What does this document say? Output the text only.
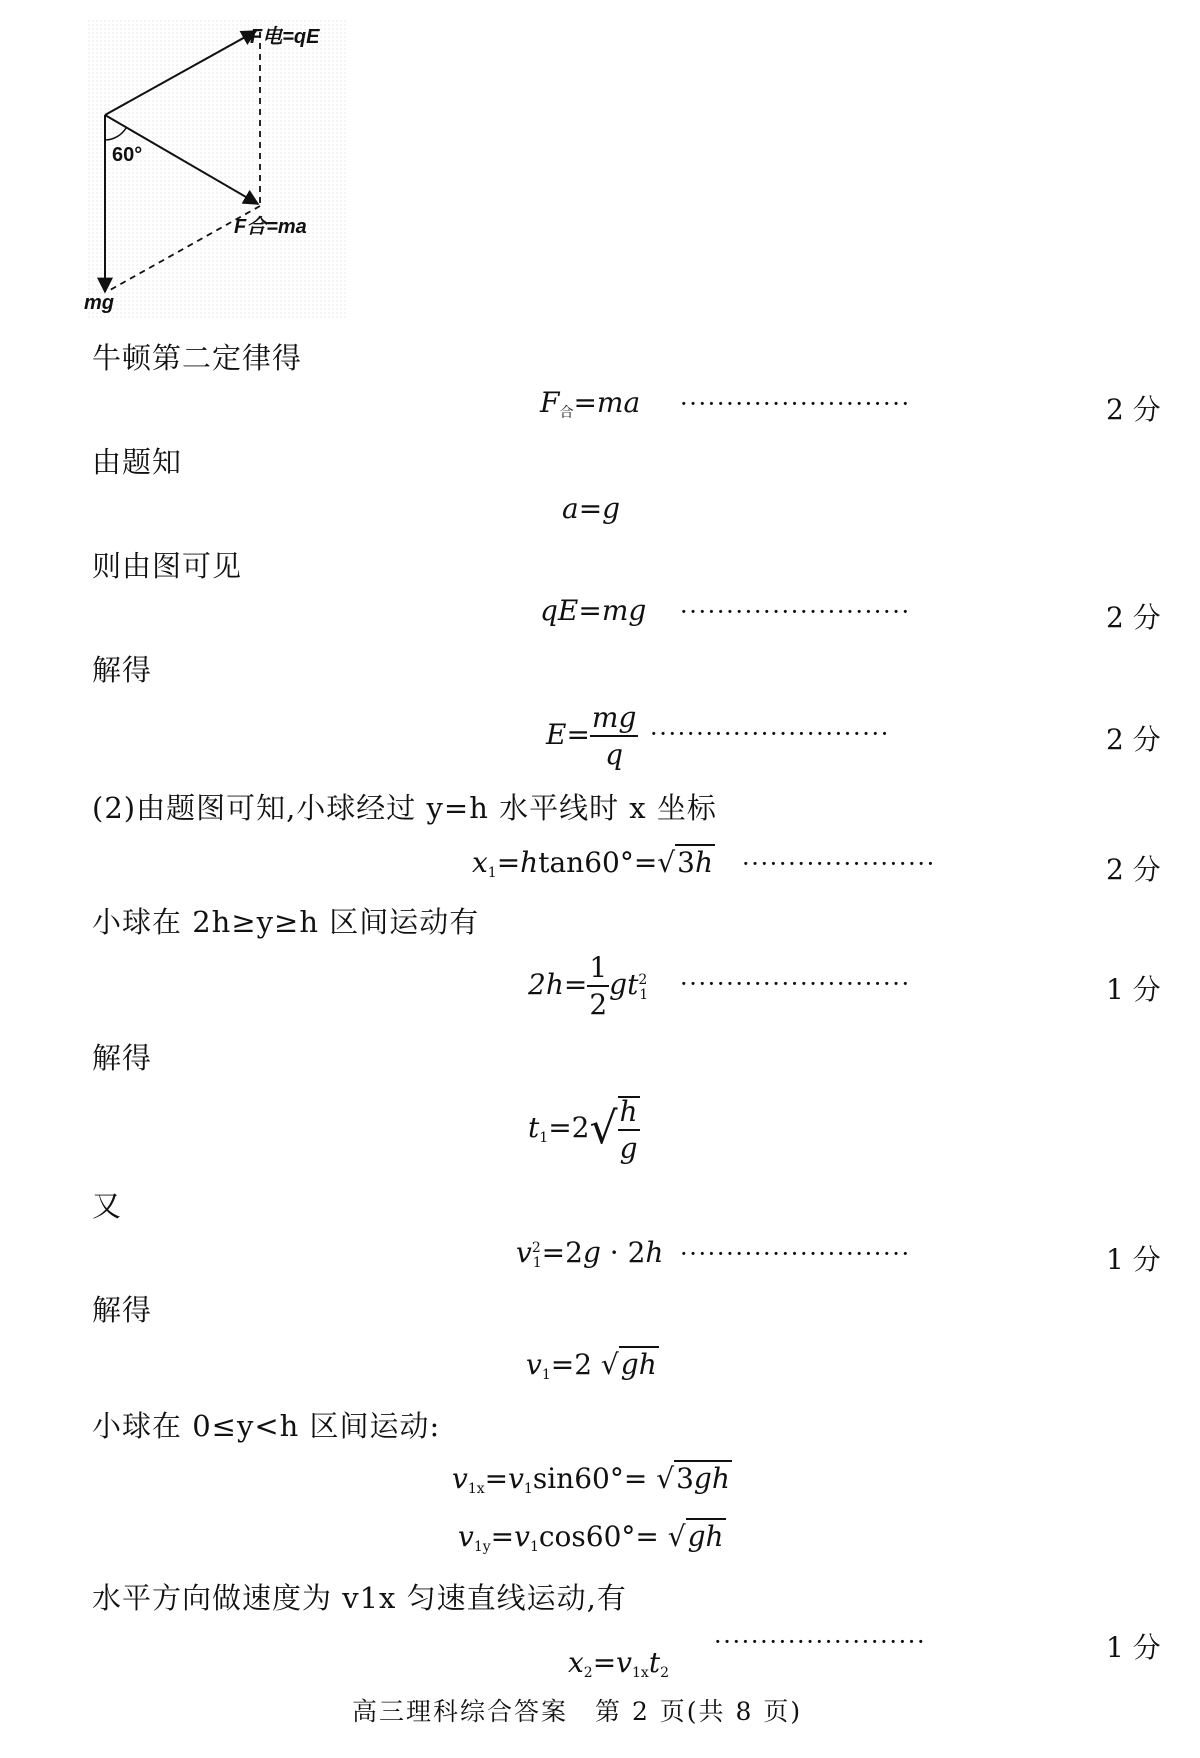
F电=qE
F合=ma
mg
60°
牛顿第二定律得
$F_合=ma$ ·························	2 分
由题知
a=g
则由图可见
qE=mg ·························	2 分
解得
$E= \frac{mg}{q}$ ··························	2 分
(2)由题图可知,小球经过 y=h 水平线时 x 坐标
$x_1=htan60^\circ=√3h$ ·····················	2 分
小球在 2h≥y≥h 区间运动有
$2h= \frac{1}{2} gt^2_1$ ·························	1 分
解得
$t_1=2√ \frac{h}{g}$
又
$v^2_1=2g \cdot 2h$ ·························	1 分
解得
$v_1=2$ √gh
小球在 0≤y<h 区间运动:
$v_{1x}=v_1\sin 60^\circ= √3gh$
$v_{1y}=v_1\cos 60^\circ= √gh$
水平方向做速度为 v1x 匀速直线运动,有
·······················	1 分
$x_2=v_{1x}t_2$
高三理科综合答案　第 2 页(共 8 页)
